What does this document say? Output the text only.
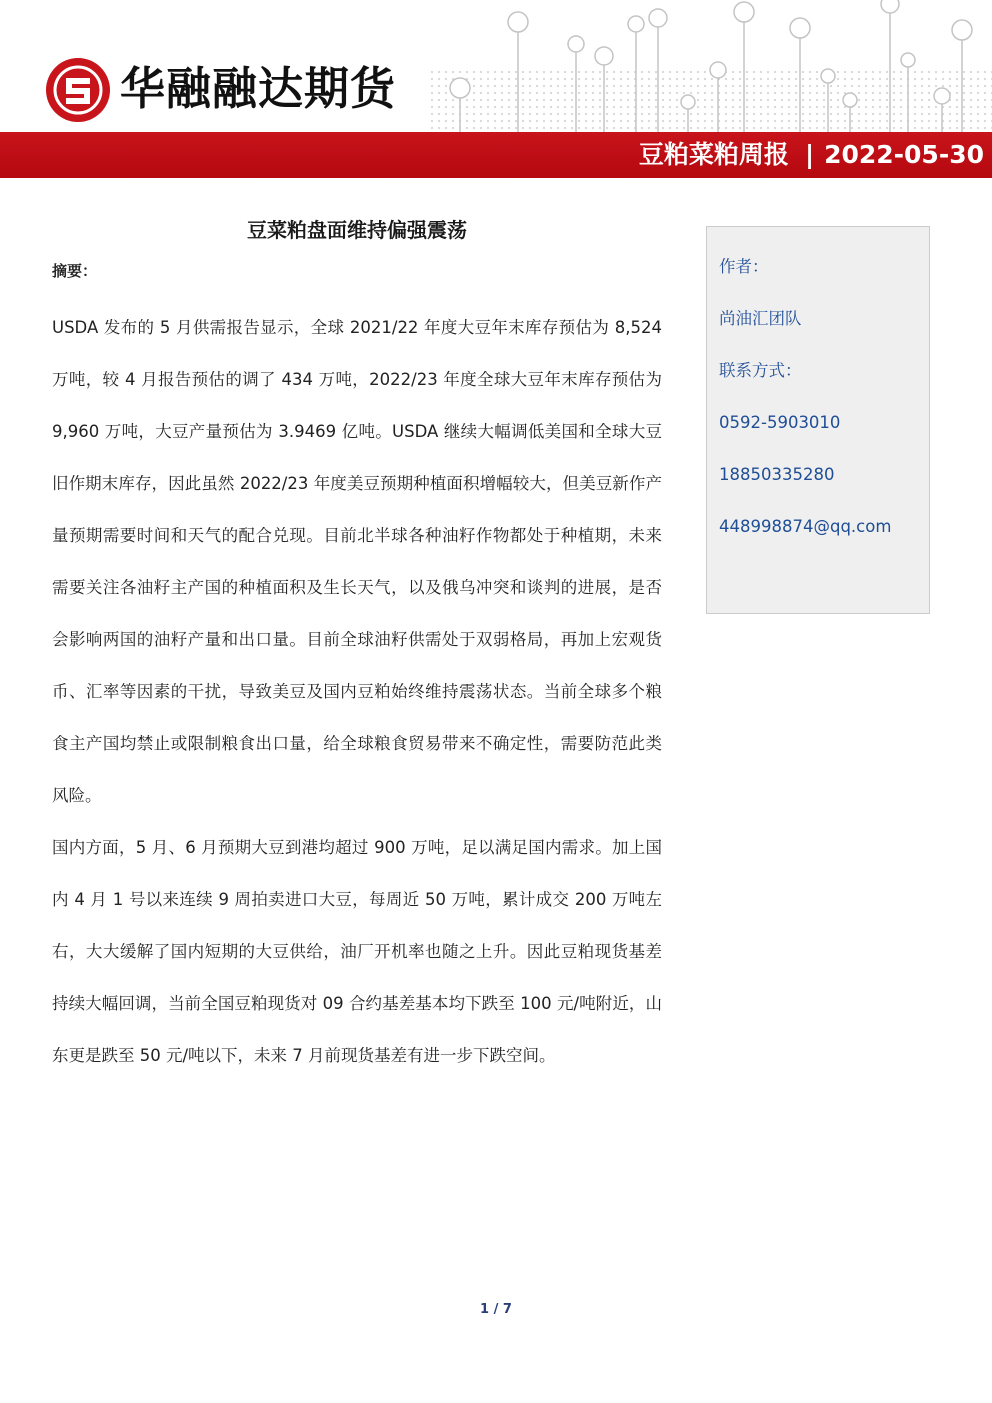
华融融达期货
豆粕菜粕周报 | 2022-05-30
豆菜粕盘面维持偏强震荡
摘要：

USDA 发布的 5 月供需报告显示，全球 2021/22 年度大豆年末库存预估为 8,524 万吨，较 4 月报告预估的调了 434 万吨，2022/23 年度全球大豆年末库存预估为 9,960 万吨，大豆产量预估为 3.9469 亿吨。USDA 继续大幅调低美国和全球大豆旧作期末库存，因此虽然 2022/23 年度美豆预期种植面积增幅较大，但美豆新作产量预期需要时间和天气的配合兑现。目前北半球各种油籽作物都处于种植期，未来需要关注各油籽主产国的种植面积及生长天气，以及俄乌冲突和谈判的进展，是否会影响两国的油籽产量和出口量。目前全球油籽供需处于双弱格局，再加上宏观货币、汇率等因素的干扰，导致美豆及国内豆粕始终维持震荡状态。当前全球多个粮食主产国均禁止或限制粮食出口量，给全球粮食贸易带来不确定性，需要防范此类风险。

国内方面，5 月、6 月预期大豆到港均超过 900 万吨，足以满足国内需求。加上国内 4 月 1 号以来连续 9 周拍卖进口大豆，每周近 50 万吨，累计成交 200 万吨左右，大大缓解了国内短期的大豆供给，油厂开机率也随之上升。因此豆粕现货基差持续大幅回调，当前全国豆粕现货对 09 合约基差基本均下跌至 100 元/吨附近，山东更是跌至 50 元/吨以下，未来 7 月前现货基差有进一步下跌空间。

作者：
尚油汇团队
联系方式：
0592-5903010
18850335280
448998874@qq.com
1 / 7
